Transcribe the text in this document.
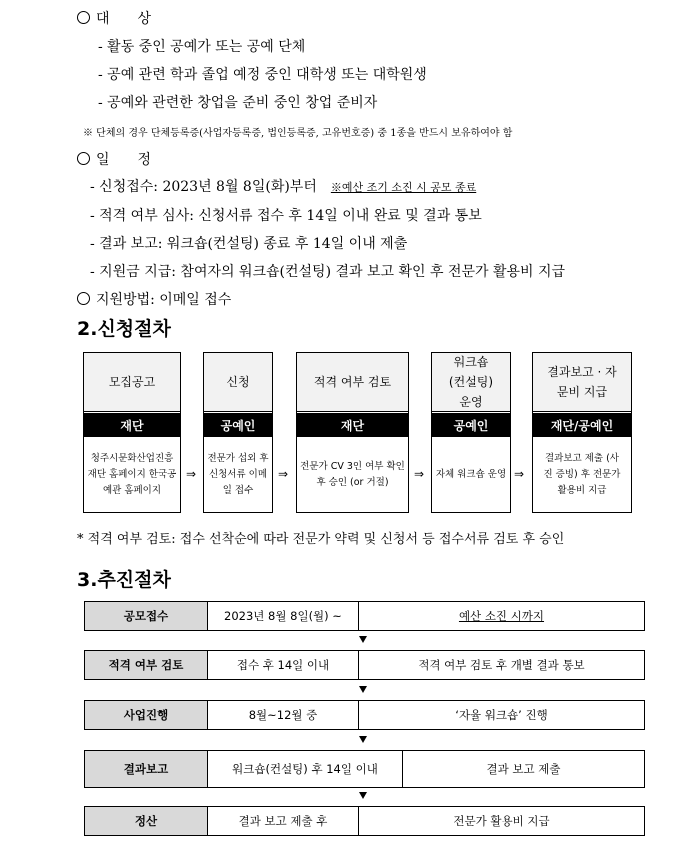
대　　상
- 활동 중인 공예가 또는 공예 단체
- 공예 관련 학과 졸업 예정 중인 대학생 또는 대학원생
- 공예와 관련한 창업을 준비 중인 창업 준비자
※ 단체의 경우 단체등록증(사업자등록증, 법인등록증, 고유번호증) 중 1종을 반드시 보유하여야 함
일　　정
- 신청접수: 2023년 8월 8일(화)부터 ※예산 조기 소진 시 공모 종료
- 적격 여부 심사: 신청서류 접수 후 14일 이내 완료 및 결과 통보
- 결과 보고: 워크숍(컨설팅) 종료 후 14일 이내 제출
- 지원금 지급: 참여자의 워크숍(컨설팅) 결과 보고 확인 후 전문가 활용비 지급
지원방법: 이메일 접수
2.신청절차
모집공고
재단
청주시문화산업진흥재단 홈페이지 한국공예관 홈페이지
⇒
신청
공예인
전문가 섭외 후 신청서류 이메일 접수
⇒
적격 여부 검토
재단
전문가 CV 3인 여부 확인 후 승인 (or 거절)
⇒
워크숍 (컨설팅) 운영
공예인
자체 워크숍 운영 ⇒
결과보고 · 자문비 지급
재단/공예인
결과보고 제출 (사진 증빙) 후 전문가 활용비 지급
* 적격 여부 검토: 접수 선착순에 따라 전문가 약력 및 신청서 등 접수서류 검토 후 승인
3.추진절차
공모접수	2023년 8월 8일(월) ~	예산 소진 시까지
적격 여부 검토	접수 후 14일 이내	적격 여부 검토 후 개별 결과 통보
사업진행	8월~12월 중	‘자율 워크숍’ 진행
결과보고	워크숍(컨설팅) 후 14일 이내	결과 보고 제출
정산	결과 보고 제출 후	전문가 활용비 지급
